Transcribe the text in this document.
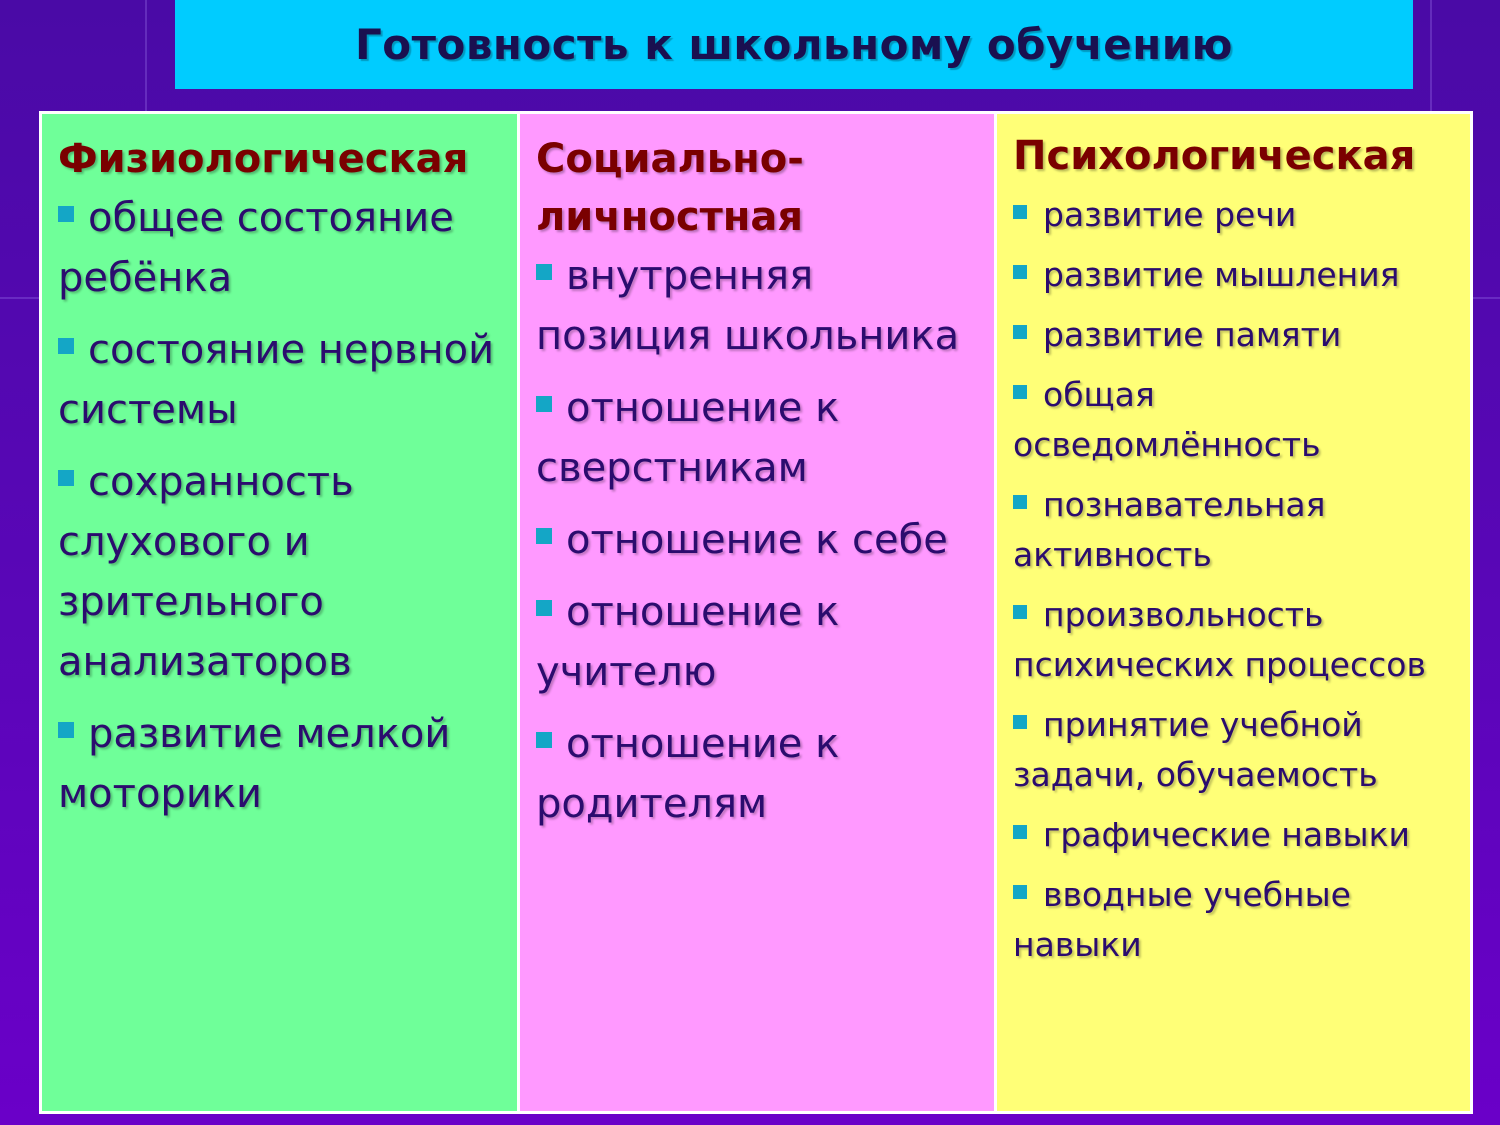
Готовность к школьному обучению
Физиологическая
общее состояние ребёнка
состояние нервной системы
сохранность слухового и зрительного анализаторов
развитие мелкой моторики
Социально-личностная
внутренняя позиция школьника
отношение к сверстникам
отношение к себе
отношение к учителю
отношение к родителям
Психологическая
развитие речи
развитие мышления
развитие памяти
общая осведомлённость
познавательная активность
произвольность психических процессов
принятие учебной задачи, обучаемость
графические навыки
вводные учебные навыки
